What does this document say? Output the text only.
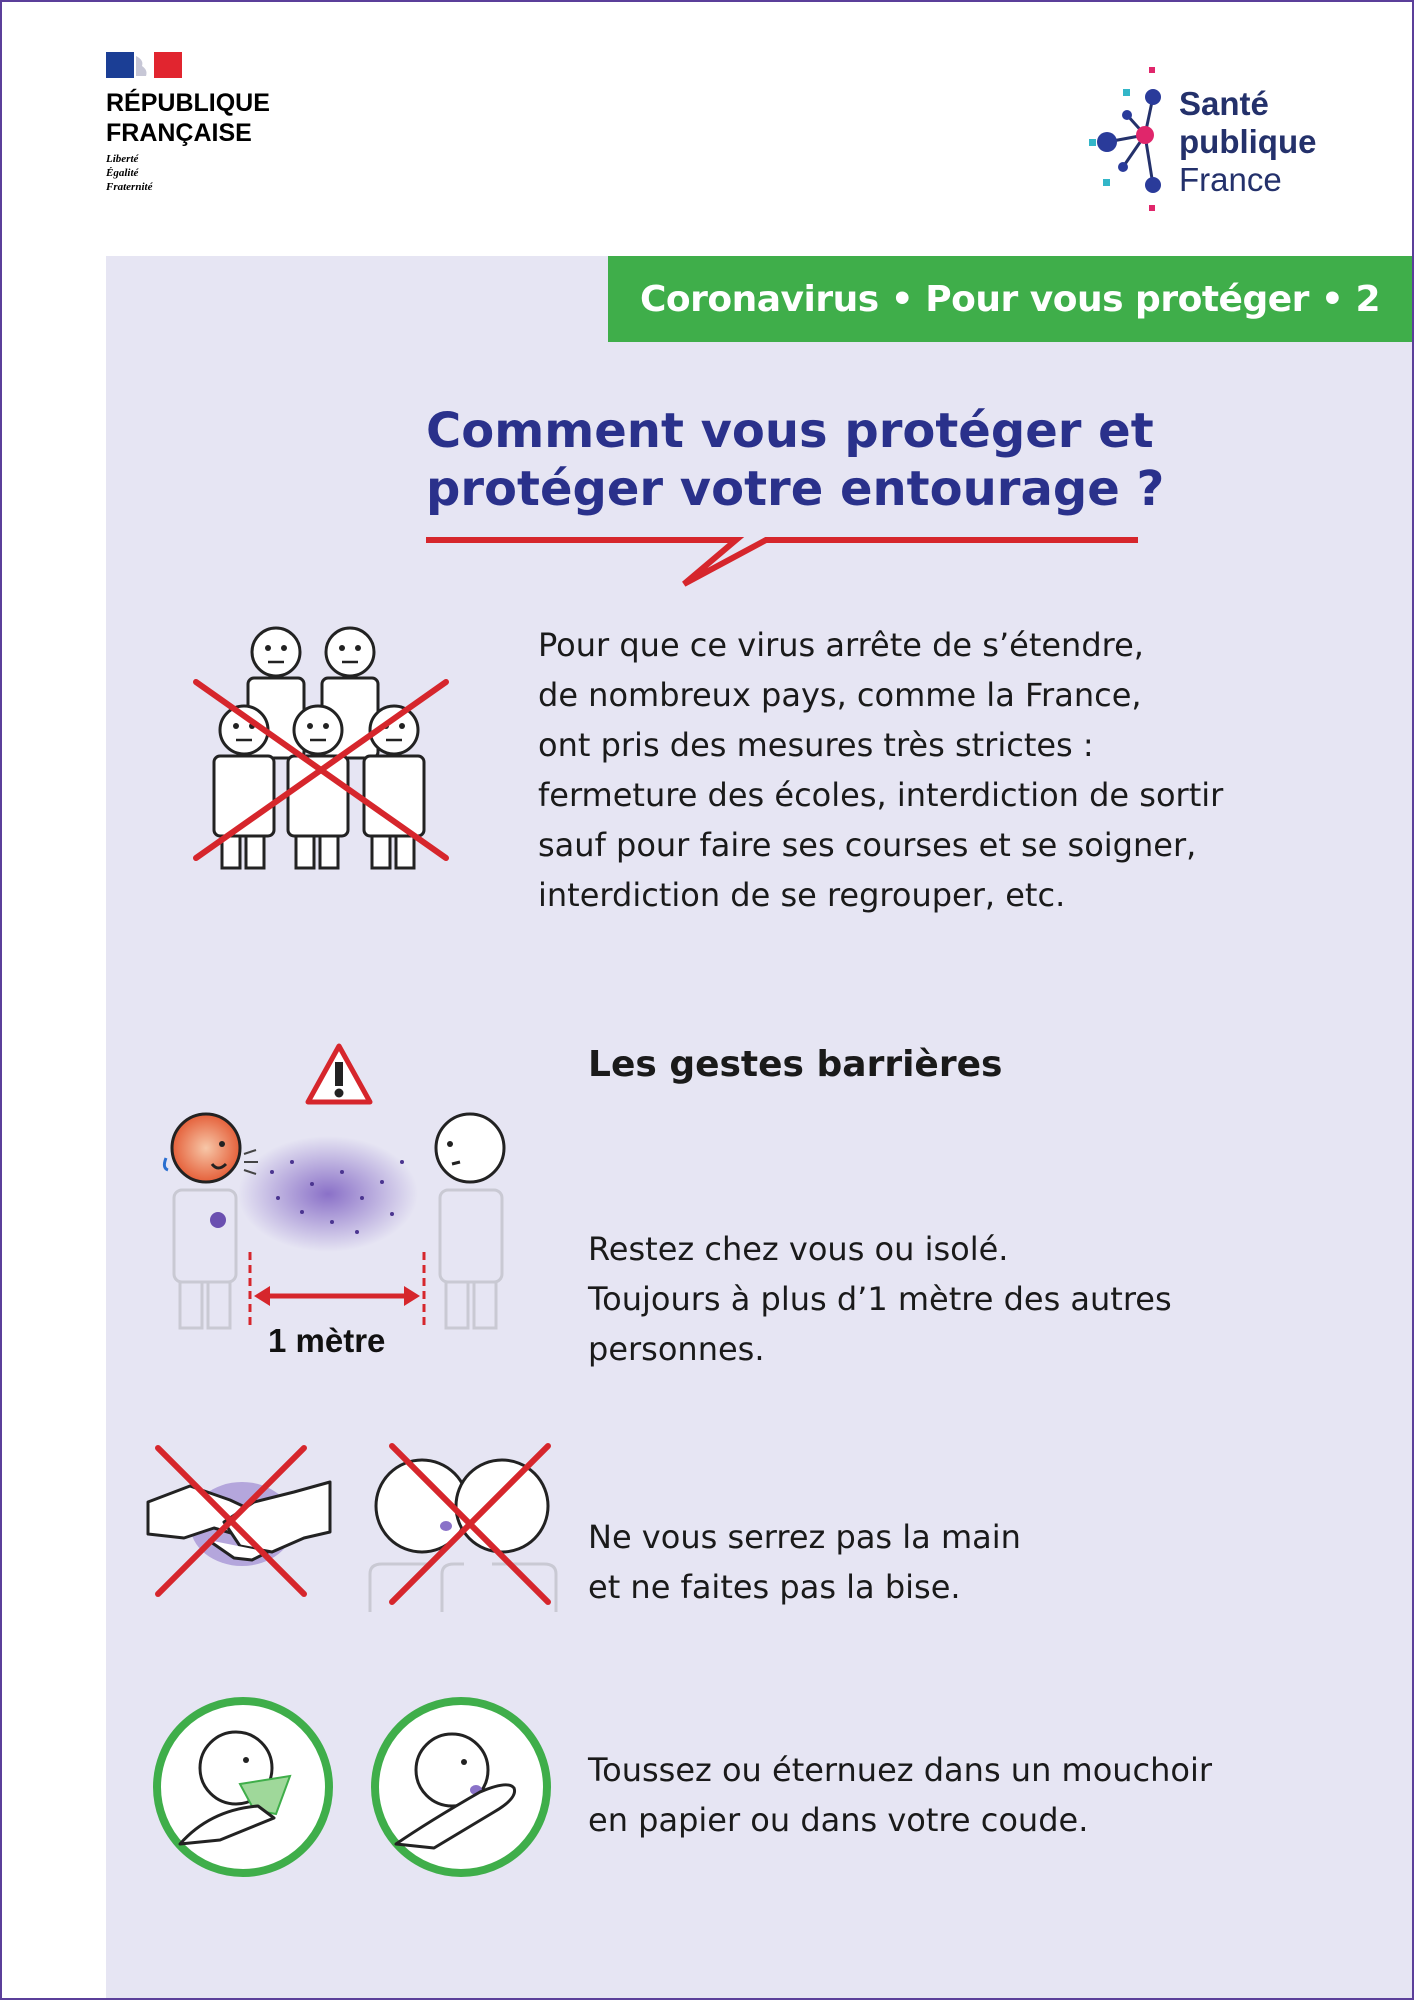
RÉPUBLIQUE
FRANÇAISE
Liberté
Égalité
Fraternité
Santé
publique
France
Coronavirus • Pour vous protéger • 2
Comment vous protéger et
protéger votre entourage ?
Pour que ce virus arrête de s’étendre,
de nombreux pays, comme la France,
ont pris des mesures très strictes :
fermeture des écoles, interdiction de sortir
sauf pour faire ses courses et se soigner,
interdiction de se regrouper, etc.
Les gestes barrières
1 mètre
Restez chez vous ou isolé.
Toujours à plus d’1 mètre des autres
personnes.
Ne vous serrez pas la main
et ne faites pas la bise.
Toussez ou éternuez dans un mouchoir
en papier ou dans votre coude.
